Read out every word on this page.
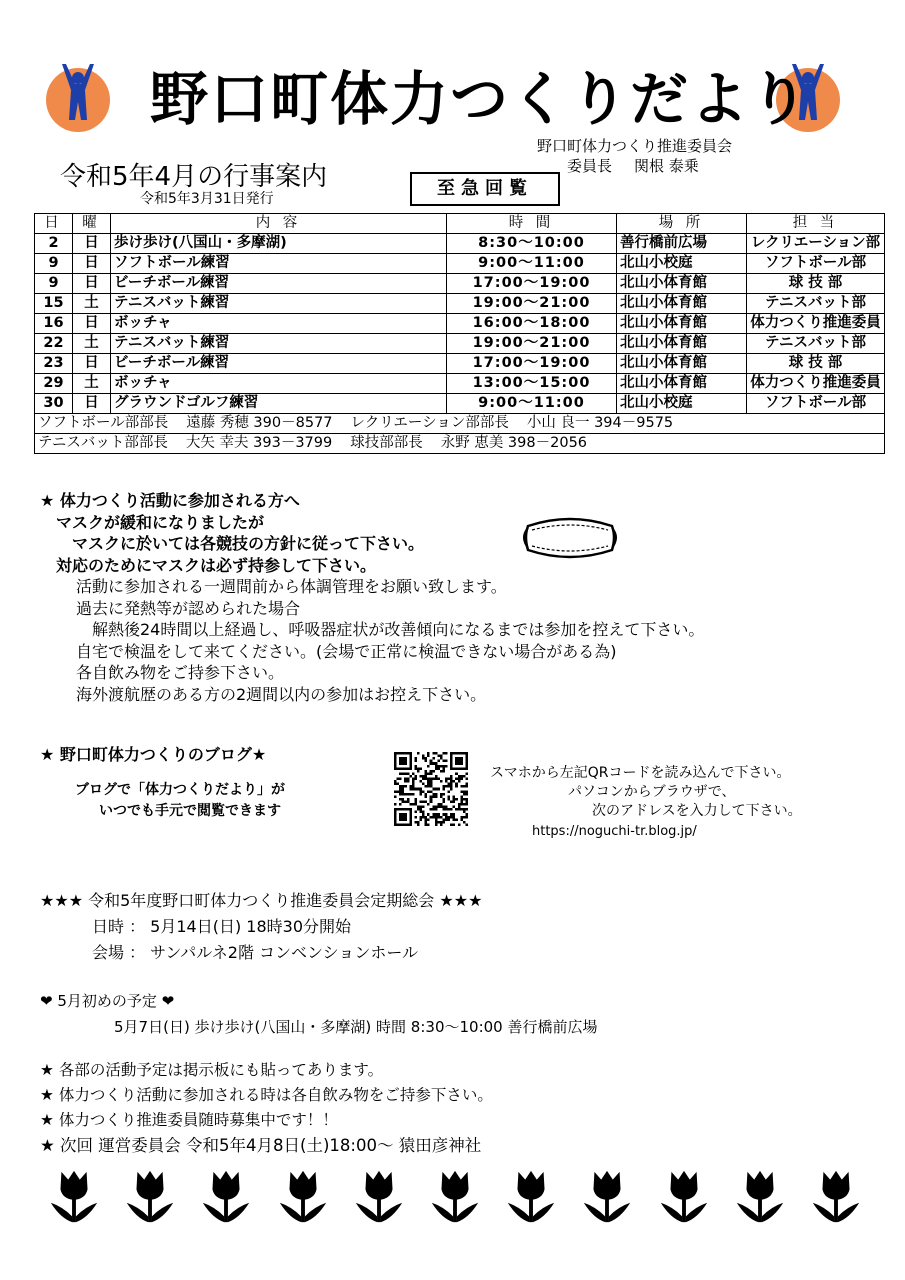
野口町体力つくりだより
野口町体力つくり推進委員会
委員長 関根 泰乗
令和5年4月の行事案内
令和5年3月31日発行	至急回覧
日	曜	内 容	時 間	場 所	担 当
2	日	歩け歩け(八国山・多摩湖)	8:30～10:00	善行橋前広場	レクリエーション部
9	日	ソフトボール練習	9:00～11:00	北山小校庭	ソフトボール部
9	日	ビーチボール練習	17:00～19:00	北山小体育館	球 技 部
15	土	テニスバット練習	19:00～21:00	北山小体育館	テニスバット部
16	日	ボッチャ	16:00～18:00	北山小体育館	体力つくり推進委員
22	土	テニスバット練習	19:00～21:00	北山小体育館	テニスバット部
23	日	ビーチボール練習	17:00～19:00	北山小体育館	球 技 部
29	土	ボッチャ	13:00～15:00	北山小体育館	体力つくり推進委員
30	日	グラウンドゴルフ練習	9:00～11:00	北山小校庭	ソフトボール部
ソフトボール部部長 遠藤 秀穂 390－8577 レクリエーション部部長 小山 良一 394－9575					
テニスバット部部長 大矢 幸夫 393－3799 球技部部長 永野 恵美 398－2056					
★ 体力つくり活動に参加される方へ
　マスクが緩和になりましたが
　　マスクに於いては各競技の方針に従って下さい。
　対応のためにマスクは必ず持参して下さい。
活動に参加される一週間前から体調管理をお願い致します。
過去に発熱等が認められた場合
　解熱後24時間以上経過し、呼吸器症状が改善傾向になるまでは参加を控えて下さい。
自宅で検温をして来てください。(会場で正常に検温できない場合がある為)
各自飲み物をご持参下さい。
海外渡航歴のある方の2週間以内の参加はお控え下さい。
★ 野口町体力つくりのブログ★
ブログで「体力つくりだより」が
いつでも手元で閲覧できます
スマホから左記QRコードを読み込んで下さい。
パソコンからブラウザで、
次のアドレスを入力して下さい。
https://noguchi-tr.blog.jp/
★★★ 令和5年度野口町体力つくり推進委員会定期総会 ★★★
日時 ： 5月14日(日) 18時30分開始
会場 ： サンパルネ2階 コンベンションホール
❤ 5月初めの予定 ❤
5月7日(日) 歩け歩け(八国山・多摩湖) 時間 8:30～10:00 善行橋前広場
★ 各部の活動予定は掲示板にも貼ってあります。
★ 体力つくり活動に参加される時は各自飲み物をご持参下さい。
★ 体力つくり推進委員随時募集中です！！
★ 次回 運営委員会 令和5年4月8日(土)18:00～ 猿田彦神社
